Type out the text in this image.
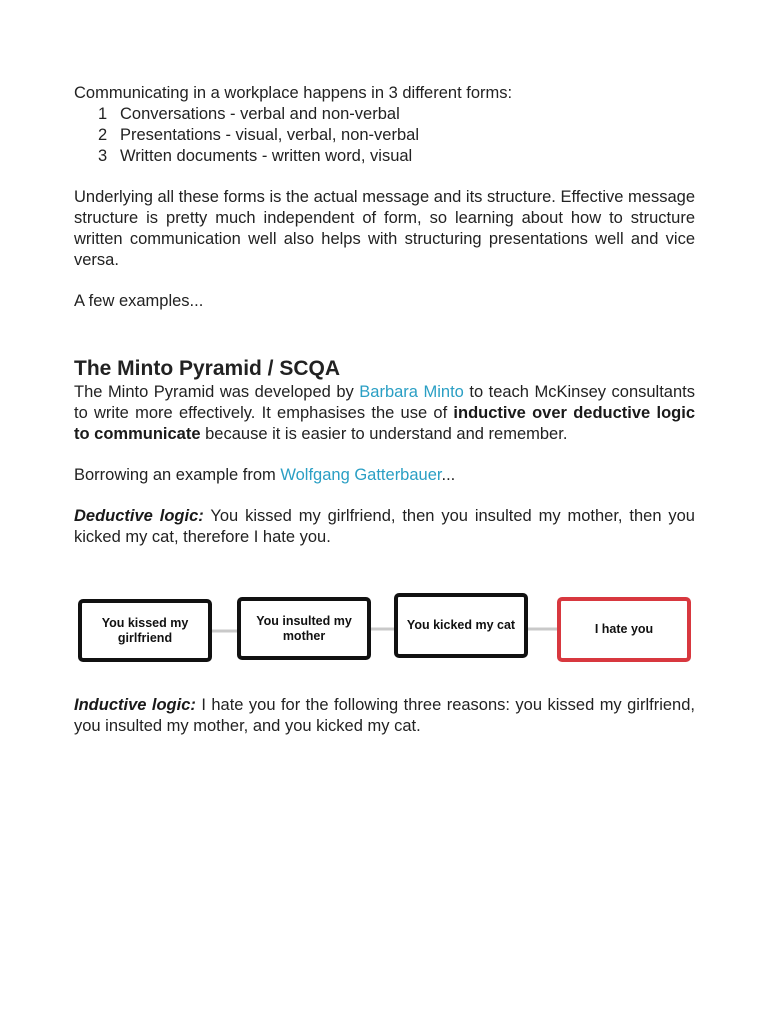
Communicating in a workplace happens in 3 different forms:

1 Conversations - verbal and non-verbal
2 Presentations - visual, verbal, non-verbal
3 Written documents - written word, visual

Underlying all these forms is the actual message and its structure. Effective message structure is pretty much independent of form, so learning about how to structure written communication well also helps with structuring presentations well and vice versa.

A few examples...

The Minto Pyramid / SCQA

The Minto Pyramid was developed by Barbara Minto to teach McKinsey consultants to write more effectively. It emphasises the use of inductive over deductive logic to communicate because it is easier to understand and remember.

Borrowing an example from Wolfgang Gatterbauer...

Deductive logic: You kissed my girlfriend, then you insulted my mother, then you kicked my cat, therefore I hate you.

You kissed my girlfriend
You insulted my mother
You kicked my cat	I hate you

Inductive logic: I hate you for the following three reasons: you kissed my girlfriend, you insulted my mother, and you kicked my cat.
